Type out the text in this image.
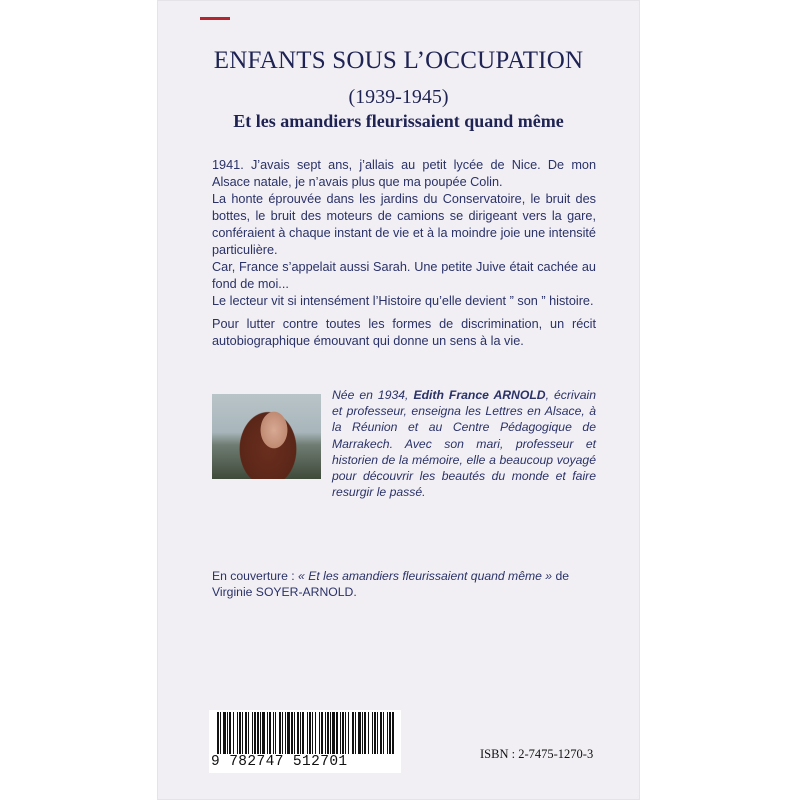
ENFANTS SOUS L’OCCUPATION
(1939-1945)
Et les amandiers fleurissaient quand même

1941. J’avais sept ans, j’allais au petit lycée de Nice. De mon Alsace natale, je n’avais plus que ma poupée Colin.

La honte éprouvée dans les jardins du Conservatoire, le bruit des bottes, le bruit des moteurs de camions se dirigeant vers la gare, conféraient à chaque instant de vie et à la moindre joie une intensité particulière.

Car, France s’appelait aussi Sarah. Une petite Juive était cachée au fond de moi...

Le lecteur vit si intensément l’Histoire qu’elle devient ” son ” histoire.

Pour lutter contre toutes les formes de discrimination, un récit autobiographique émouvant qui donne un sens à la vie.

Née en 1934, Edith France ARNOLD, écrivain et professeur, enseigna les Lettres en Alsace, à la Réunion et au Centre Pédagogique de Marrakech. Avec son mari, professeur et historien de la mémoire, elle a beaucoup voyagé pour découvrir les beautés du monde et faire resurgir le passé.

En couverture : « Et les amandiers fleurissaient quand même » de Virginie SOYER-ARNOLD.

9 782747 512701	ISBN : 2-7475-1270-3
